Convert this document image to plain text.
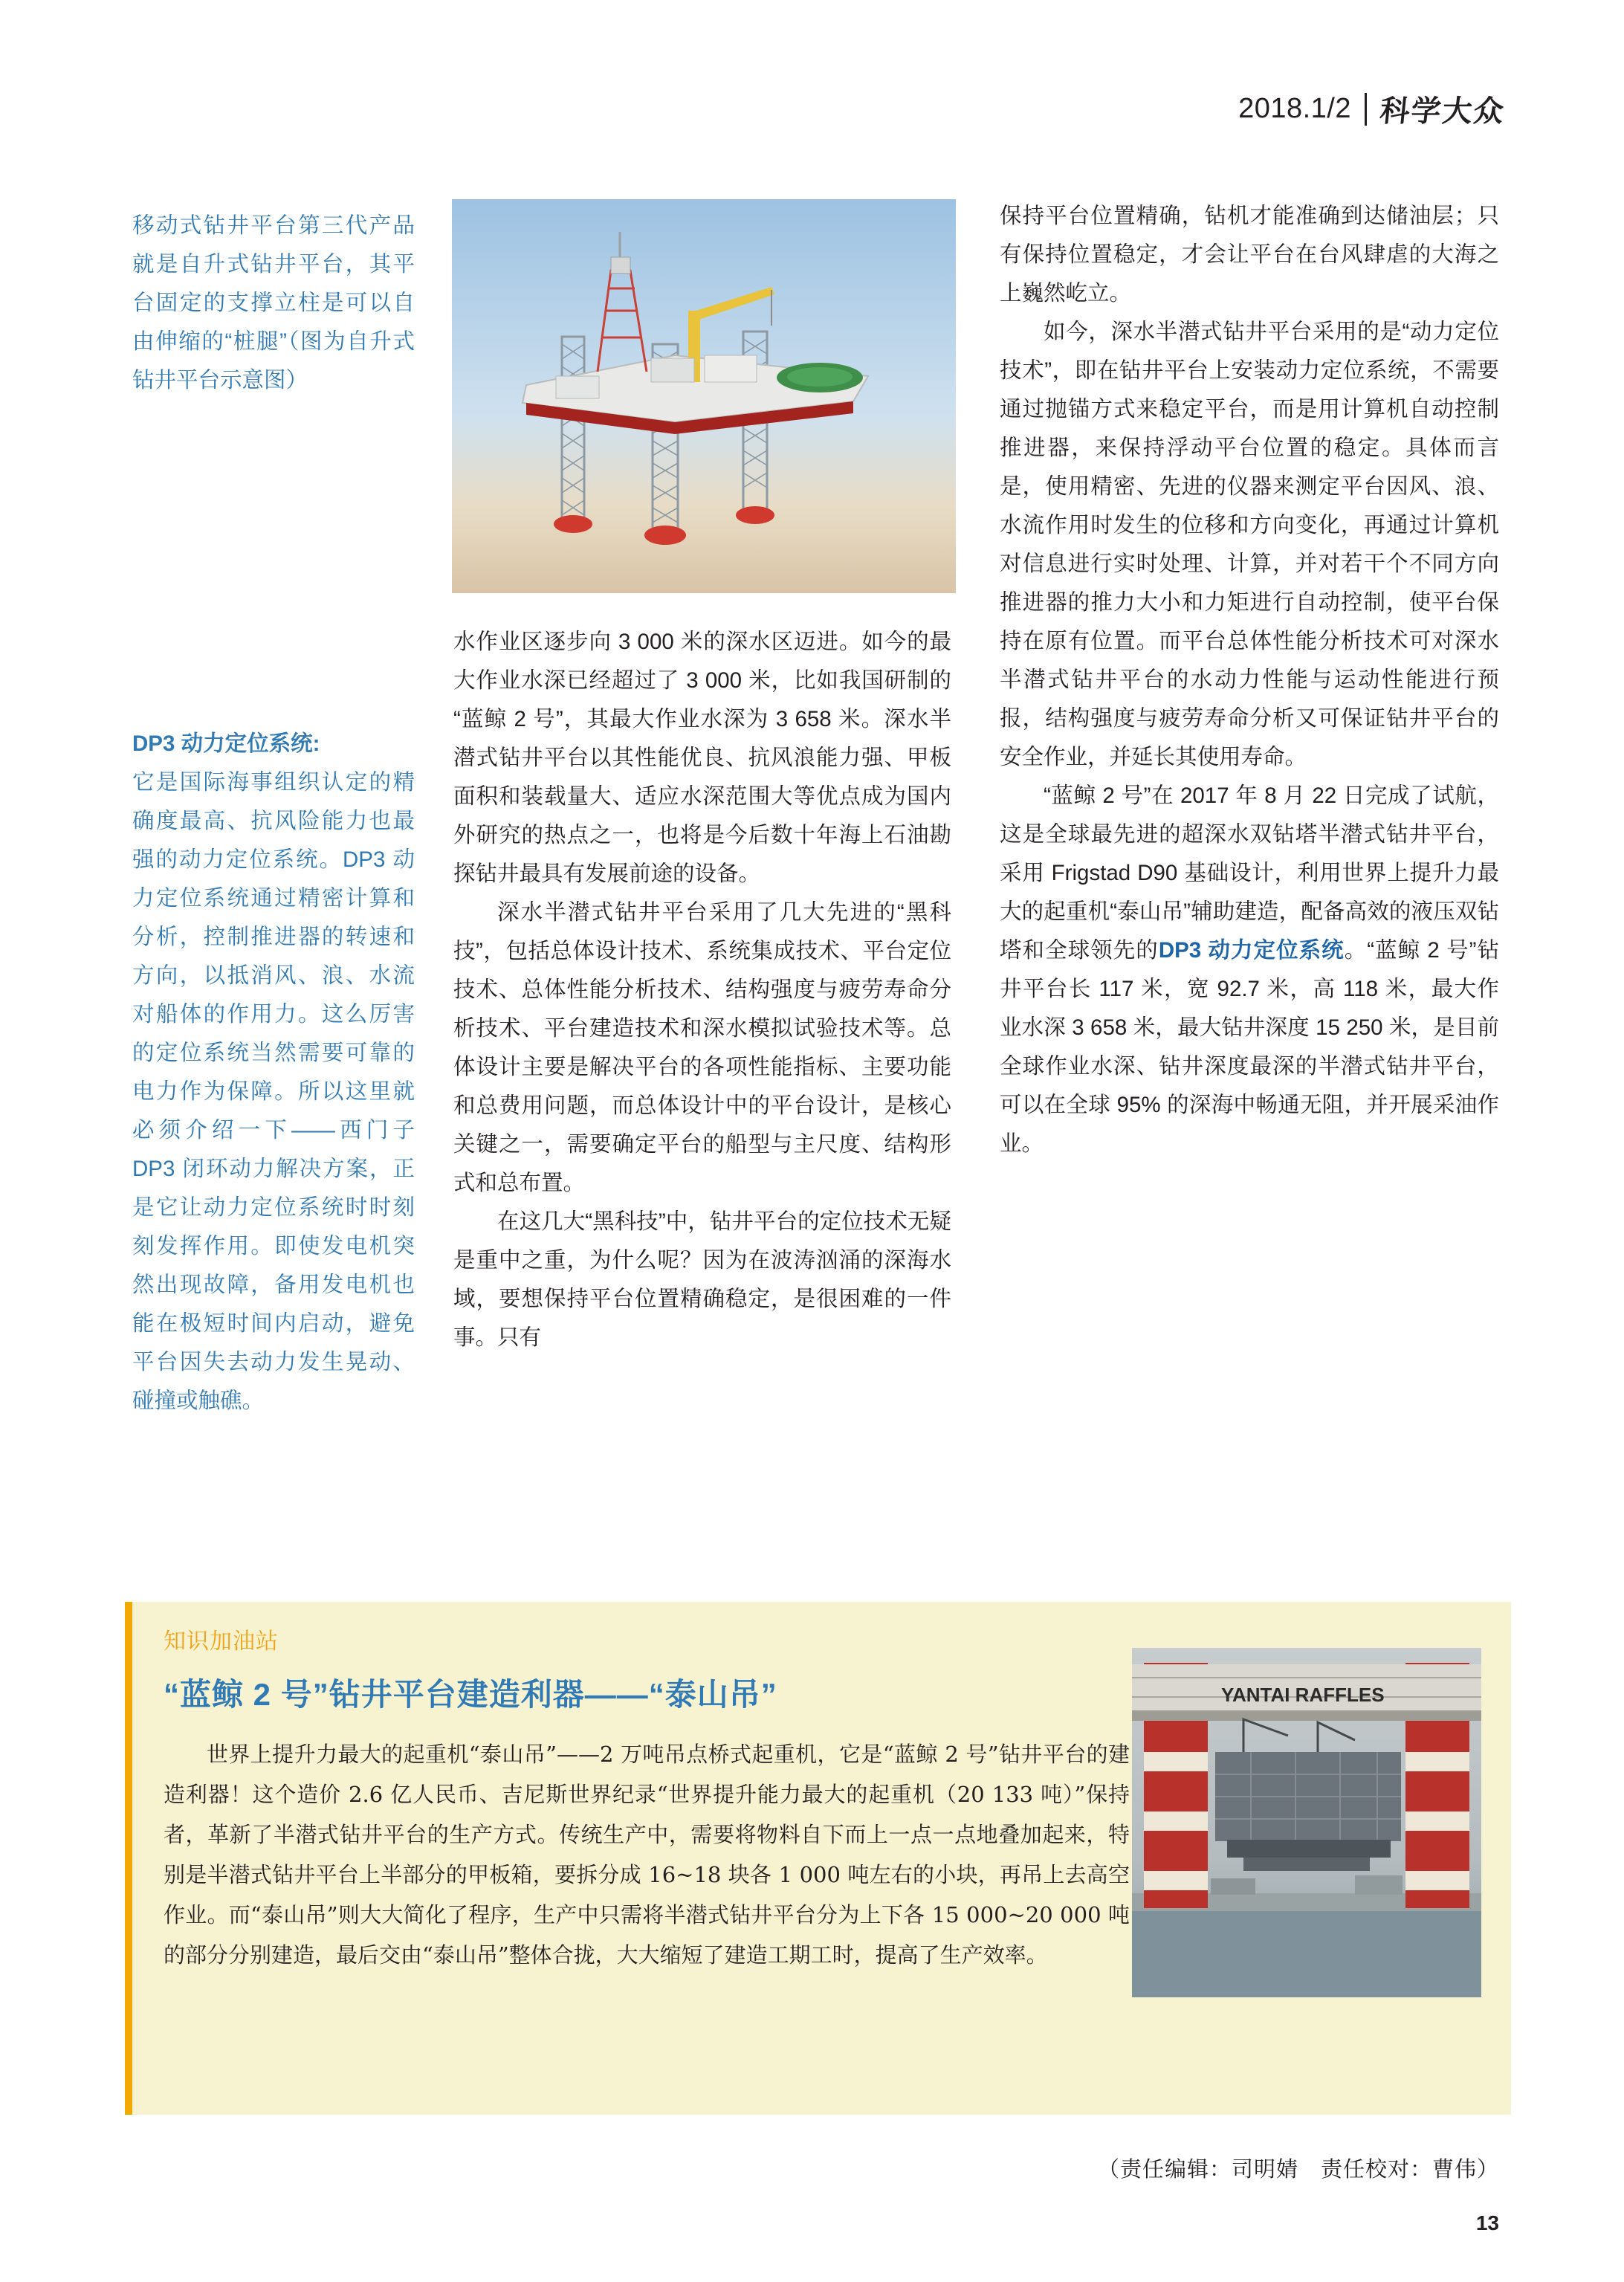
2018.1/2 科学大众
移动式钻井平台第三代产品就是自升式钻井平台，其平台固定的支撑立柱是可以自由伸缩的“桩腿”（图为自升式钻井平台示意图）
DP3 动力定位系统:
它是国际海事组织认定的精确度最高、抗风险能力也最强的动力定位系统。DP3 动力定位系统通过精密计算和分析，控制推进器的转速和方向，以抵消风、浪、水流对船体的作用力。这么厉害的定位系统当然需要可靠的电力作为保障。所以这里就必须介绍一下——西门子 DP3 闭环动力解决方案，正是它让动力定位系统时时刻刻发挥作用。即使发电机突然出现故障，备用发电机也能在极短时间内启动，避免平台因失去动力发生晃动、碰撞或触礁。

水作业区逐步向 3 000 米的深水区迈进。如今的最大作业水深已经超过了 3 000 米，比如我国研制的“蓝鲸 2 号”，其最大作业水深为 3 658 米。深水半潜式钻井平台以其性能优良、抗风浪能力强、甲板面积和装载量大、适应水深范围大等优点成为国内外研究的热点之一，也将是今后数十年海上石油勘探钻井最具有发展前途的设备。

深水半潜式钻井平台采用了几大先进的“黑科技”，包括总体设计技术、系统集成技术、平台定位技术、总体性能分析技术、结构强度与疲劳寿命分析技术、平台建造技术和深水模拟试验技术等。总体设计主要是解决平台的各项性能指标、主要功能和总费用问题，而总体设计中的平台设计，是核心关键之一，需要确定平台的船型与主尺度、结构形式和总布置。

在这几大“黑科技”中，钻井平台的定位技术无疑是重中之重，为什么呢？因为在波涛汹涌的深海水域，要想保持平台位置精确稳定，是很困难的一件事。只有

保持平台位置精确，钻机才能准确到达储油层；只有保持位置稳定，才会让平台在台风肆虐的大海之上巍然屹立。

如今，深水半潜式钻井平台采用的是“动力定位技术”，即在钻井平台上安装动力定位系统，不需要通过抛锚方式来稳定平台，而是用计算机自动控制推进器，来保持浮动平台位置的稳定。具体而言是，使用精密、先进的仪器来测定平台因风、浪、水流作用时发生的位移和方向变化，再通过计算机对信息进行实时处理、计算，并对若干个不同方向推进器的推力大小和力矩进行自动控制，使平台保持在原有位置。而平台总体性能分析技术可对深水半潜式钻井平台的水动力性能与运动性能进行预报，结构强度与疲劳寿命分析又可保证钻井平台的安全作业，并延长其使用寿命。

“蓝鲸 2 号”在 2017 年 8 月 22 日完成了试航，这是全球最先进的超深水双钻塔半潜式钻井平台，采用 Frigstad D90 基础设计，利用世界上提升力最大的起重机“泰山吊”辅助建造，配备高效的液压双钻塔和全球领先的DP3 动力定位系统。“蓝鲸 2 号”钻井平台长 117 米，宽 92.7 米，高 118 米，最大作业水深 3 658 米，最大钻井深度 15 250 米，是目前全球作业水深、钻井深度最深的半潜式钻井平台，可以在全球 95% 的深海中畅通无阻，并开展采油作业。

知识加油站
“蓝鲸 2 号”钻井平台建造利器——“泰山吊”

世界上提升力最大的起重机“泰山吊”——2 万吨吊点桥式起重机，它是“蓝鲸 2 号”钻井平台的建造利器！这个造价 2.6 亿人民币、吉尼斯世界纪录“世界提升能力最大的起重机（20 133 吨）”保持者，革新了半潜式钻井平台的生产方式。传统生产中，需要将物料自下而上一点一点地叠加起来，特别是半潜式钻井平台上半部分的甲板箱，要拆分成 16~18 块各 1 000 吨左右的小块，再吊上去高空作业。而“泰山吊”则大大简化了程序，生产中只需将半潜式钻井平台分为上下各 15 000~20 000 吨的部分分别建造，最后交由“泰山吊”整体合拢，大大缩短了建造工期工时，提高了生产效率。

YANTAI RAFFLES
（责任编辑：司明婧　责任校对：曹伟）
13
